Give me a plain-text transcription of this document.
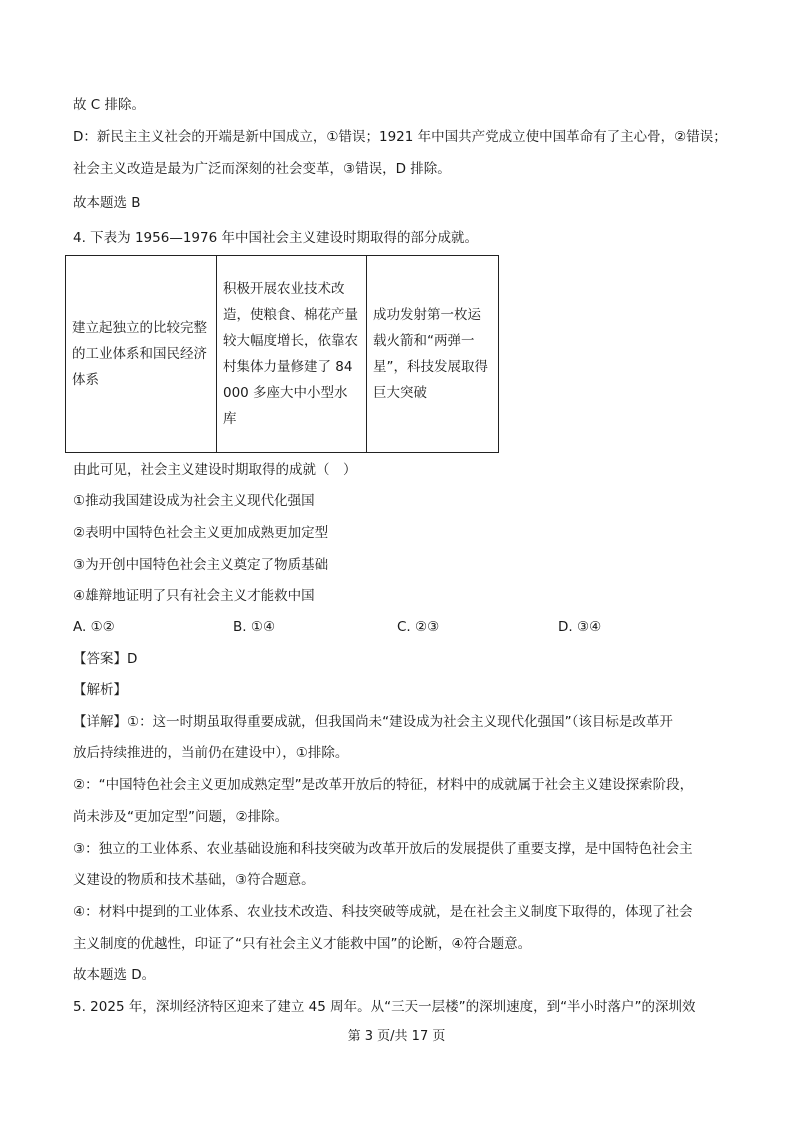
故 C 排除。
D：新民主主义社会的开端是新中国成立，①错误；1921 年中国共产党成立使中国革命有了主心骨，②错误；
社会主义改造是最为广泛而深刻的社会变革，③错误，D 排除。
故本题选 B
4. 下表为 1956—1976 年中国社会主义建设时期取得的部分成就。
建立起独立的比较完整的工业体系和国民经济体系	积极开展农业技术改造，使粮食、棉花产量较大幅度增长，依靠农村集体力量修建了 84000 多座大中小型水库	成功发射第一枚运载火箭和“两弹一星”，科技发展取得巨大突破
由此可见，社会主义建设时期取得的成就（　）
①推动我国建设成为社会主义现代化强国
②表明中国特色社会主义更加成熟更加定型
③为开创中国特色社会主义奠定了物质基础
④雄辩地证明了只有社会主义才能救中国
A. ①②	B. ①④	C. ②③	D. ③④
【答案】D
【解析】
【详解】①：这一时期虽取得重要成就，但我国尚未“建设成为社会主义现代化强国”（该目标是改革开
放后持续推进的，当前仍在建设中），①排除。
②：“中国特色社会主义更加成熟定型”是改革开放后的特征，材料中的成就属于社会主义建设探索阶段，
尚未涉及“更加定型”问题，②排除。
③：独立的工业体系、农业基础设施和科技突破为改革开放后的发展提供了重要支撑，是中国特色社会主
义建设的物质和技术基础，③符合题意。
④：材料中提到的工业体系、农业技术改造、科技突破等成就，是在社会主义制度下取得的，体现了社会
主义制度的优越性，印证了“只有社会主义才能救中国”的论断，④符合题意。
故本题选 D。
5. 2025 年，深圳经济特区迎来了建立 45 周年。从“三天一层楼”的深圳速度，到“半小时落户”的深圳效
第 3 页/共 17 页
